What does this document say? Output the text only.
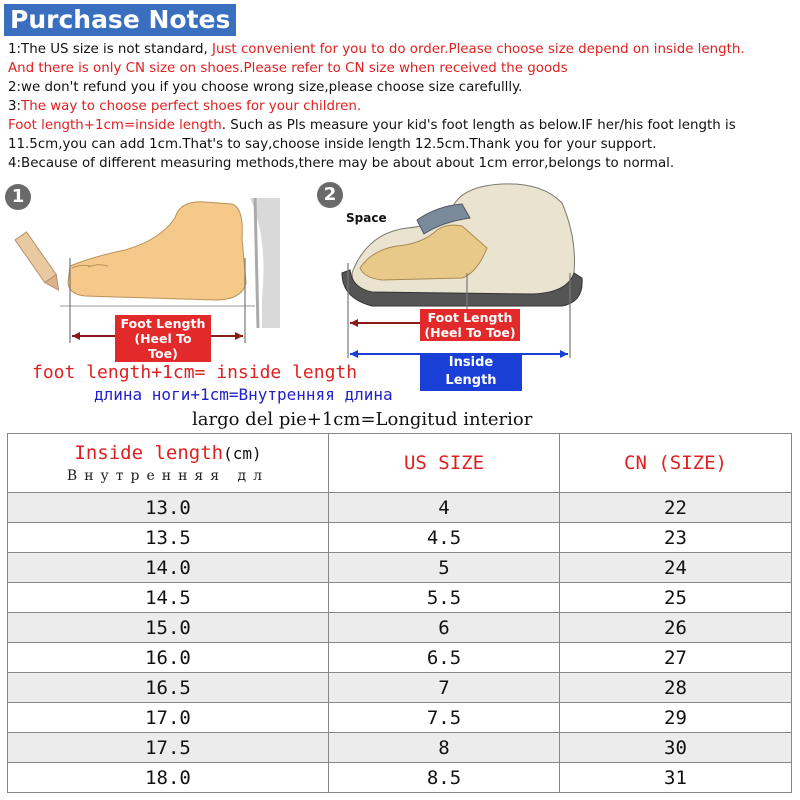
Purchase Notes
1:The US size is not standard, Just convenient for you to do order.Please choose size depend on inside length.
And there is only CN size on shoes.Please refer to CN size when received the goods
2:we don't refund you if you choose wrong size,please choose size carefullly.
3:The way to choose perfect shoes for your children.
Foot length+1cm=inside length. Such as Pls measure your kid's foot length as below.IF her/his foot length is
11.5cm,you can add 1cm.That's to say,choose inside length 12.5cm.Thank you for your support.
4:Because of different measuring methods,there may be about about 1cm error,belongs to normal.
1
Foot Length
(Heel To Toe)
2
Space
Foot Length
(Heel To Toe)
Inside Length
foot length+1cm= inside length
длина ноги+1cm=Внутренняя длина
largo del pie+1cm=Longitud interior
Inside length(cm)
Внутренняя дл	US SIZE	CN (SIZE)
13.0	4	22
13.5	4.5	23
14.0	5	24
14.5	5.5	25
15.0	6	26
16.0	6.5	27
16.5	7	28
17.0	7.5	29
17.5	8	30
18.0	8.5	31
